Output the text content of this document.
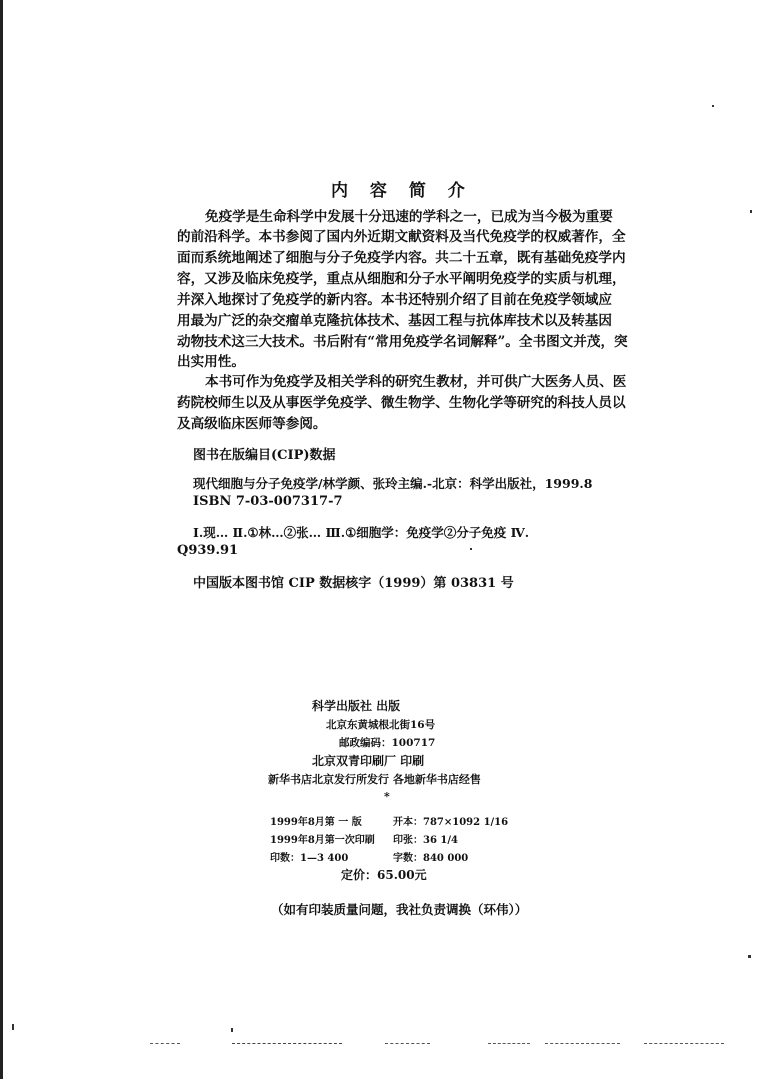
内 容 简 介
免疫学是生命科学中发展十分迅速的学科之一，已成为当今极为重要
的前沿科学。本书参阅了国内外近期文献资料及当代免疫学的权威著作，全
面而系统地阐述了细胞与分子免疫学内容。共二十五章，既有基础免疫学内
容，又涉及临床免疫学，重点从细胞和分子水平阐明免疫学的实质与机理，
并深入地探讨了免疫学的新内容。本书还特别介绍了目前在免疫学领域应
用最为广泛的杂交瘤单克隆抗体技术、基因工程与抗体库技术以及转基因
动物技术这三大技术。书后附有“常用免疫学名词解释”。全书图文并茂，突
出实用性。
本书可作为免疫学及相关学科的研究生教材，并可供广大医务人员、医
药院校师生以及从事医学免疫学、微生物学、生物化学等研究的科技人员以
及高级临床医师等参阅。
图书在版编目(CIP)数据
现代细胞与分子免疫学/林学颜、张玲主编.-北京：科学出版社，1999.8
ISBN 7-03-007317-7
Ⅰ.现… Ⅱ.①林…②张… Ⅲ.①细胞学：免疫学②分子免疫 Ⅳ.
Q939.91
中国版本图书馆 CIP 数据核字（1999）第 03831 号
科学出版社 出版
北京东黄城根北街16号
邮政编码：100717
北京双青印刷厂 印刷
新华书店北京发行所发行 各地新华书店经售
*
1999年8月第 一 版	开本：787×1092 1/16
1999年8月第一次印刷 印张：36 1/4
印数：1—3 400	字数：840 000
定价：65.00元
（如有印装质量问题，我社负责调换（环伟））
